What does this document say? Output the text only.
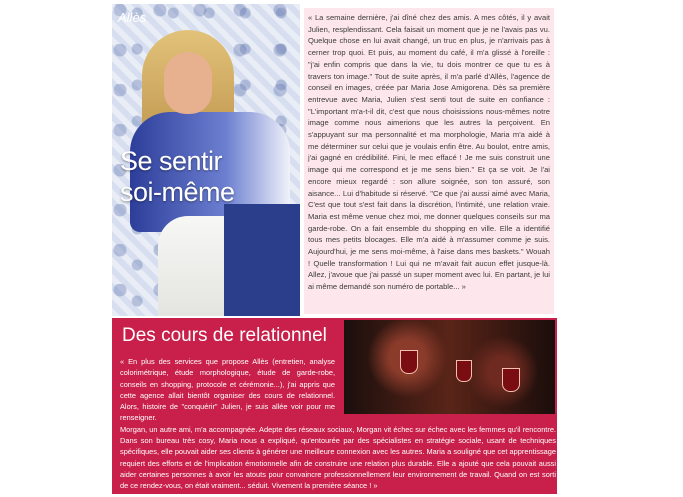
Allès
Se sentir
soi-même
« La semaine dernière, j'ai dîné chez des amis. A mes côtés, il y avait Julien, resplendissant. Cela faisait un moment que je ne l'avais pas vu. Quelque chose en lui avait changé, un truc en plus, je n'arrivais pas à cerner trop quoi. Et puis, au moment du café, il m'a glissé à l'oreille : "j'ai enfin compris que dans la vie, tu dois montrer ce que tu es à travers ton image." Tout de suite après, il m'a parlé d'Allès, l'agence de conseil en images, créée par Maria Jose Amigorena. Dès sa première entrevue avec Maria, Julien s'est senti tout de suite en confiance : "L'important m'a-t-il dit, c'est que nous choisissions nous-mêmes notre image comme nous aimerions que les autres la perçoivent. En s'appuyant sur ma personnalité et ma morphologie, Maria m'a aidé à me déterminer sur celui que je voulais enfin être. Au boulot, entre amis, j'ai gagné en crédibilité. Fini, le mec effacé ! Je me suis construit une image qui me correspond et je me sens bien." Et ça se voit. Je l'ai encore mieux regardé : son allure soignée, son ton assuré, son aisance... Lui d'habitude si réservé. "Ce que j'ai aussi aimé avec Maria, C'est que tout s'est fait dans la discrétion, l'intimité, une relation vraie. Maria est même venue chez moi, me donner quelques conseils sur ma garde-robe. On a fait ensemble du shopping en ville. Elle a identifié tous mes petits blocages. Elle m'a aidé à m'assumer comme je suis. Aujourd'hui, je me sens moi-même, à l'aise dans mes baskets." Wouah ! Quelle transformation ! Lui qui ne m'avait fait aucun effet jusque-là. Allez, j'avoue que j'ai passé un super moment avec lui. En partant, je lui ai même demandé son numéro de portable... »
Des cours de relationnel
« En plus des services que propose Allès (entretien, analyse colorimétrique, étude morphologique, étude de garde-robe, conseils en shopping, protocole et cérémonie...), j'ai appris que cette agence allait bientôt organiser des cours de relationnel. Alors, histoire de "conquérir" Julien, je suis allée voir pour me renseigner.
Morgan, un autre ami, m'a accompagnée. Adepte des réseaux sociaux, Morgan vit échec sur échec avec les femmes qu'il rencontre. Dans son bureau très cosy, Maria nous a expliqué, qu'entourée par des spécialistes en stratégie sociale, usant de techniques spécifiques, elle pouvait aider ses clients à générer une meilleure connexion avec les autres. Maria a souligné que cet apprentissage requiert des efforts et de l'implication émotionnelle afin de construire une relation plus durable. Elle a ajouté que cela pouvait aussi aider certaines personnes à avoir les atouts pour convaincre professionnellement leur environnement de travail. Quand on est sorti de ce rendez-vous, on était vraiment... séduit. Vivement la première séance ! »
